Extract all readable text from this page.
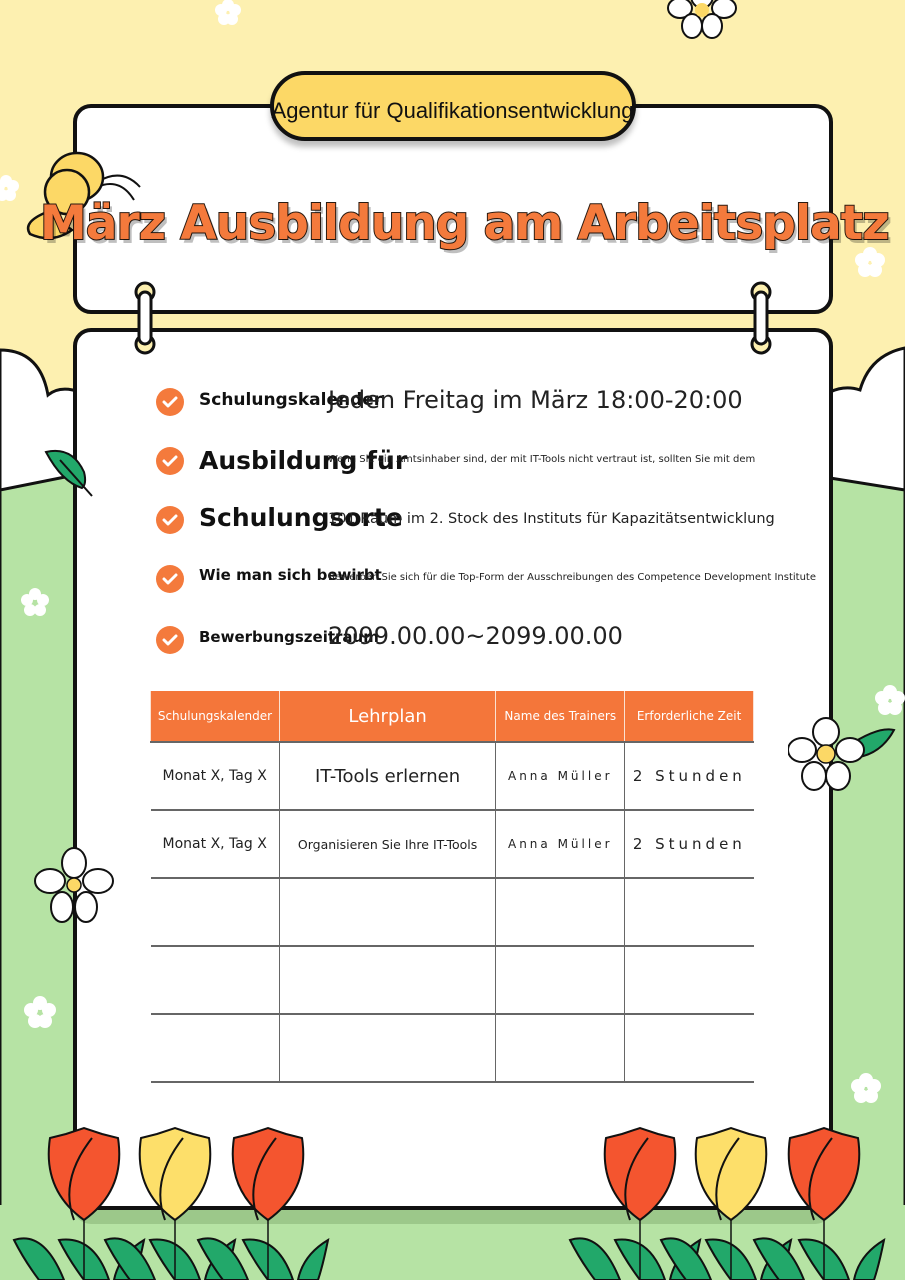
Agentur für Qualifikationsentwicklung
März Ausbildung am Arbeitsplatz
Schulungskalender
Jeden Freitag im März 18:00-20:00
Ausbildung für
Wenn Sie ein Amtsinhaber sind, der mit IT-Tools nicht vertraut ist, sollten Sie mit dem
Schulungsorte
101 Raum im 2. Stock des Instituts für Kapazitätsentwicklung
Wie man sich bewirbt
Bewerben Sie sich für die Top-Form der Ausschreibungen des Competence Development Institute
Bewerbungszeitraum
2099.00.00~2099.00.00
Schulungskalender	Lehrplan	Name des Trainers	Erforderliche Zeit
Monat X, Tag X	IT-Tools erlernen	Anna Müller	2 Stunden
Monat X, Tag X	Organisieren Sie Ihre IT-Tools	Anna Müller	2 Stunden
